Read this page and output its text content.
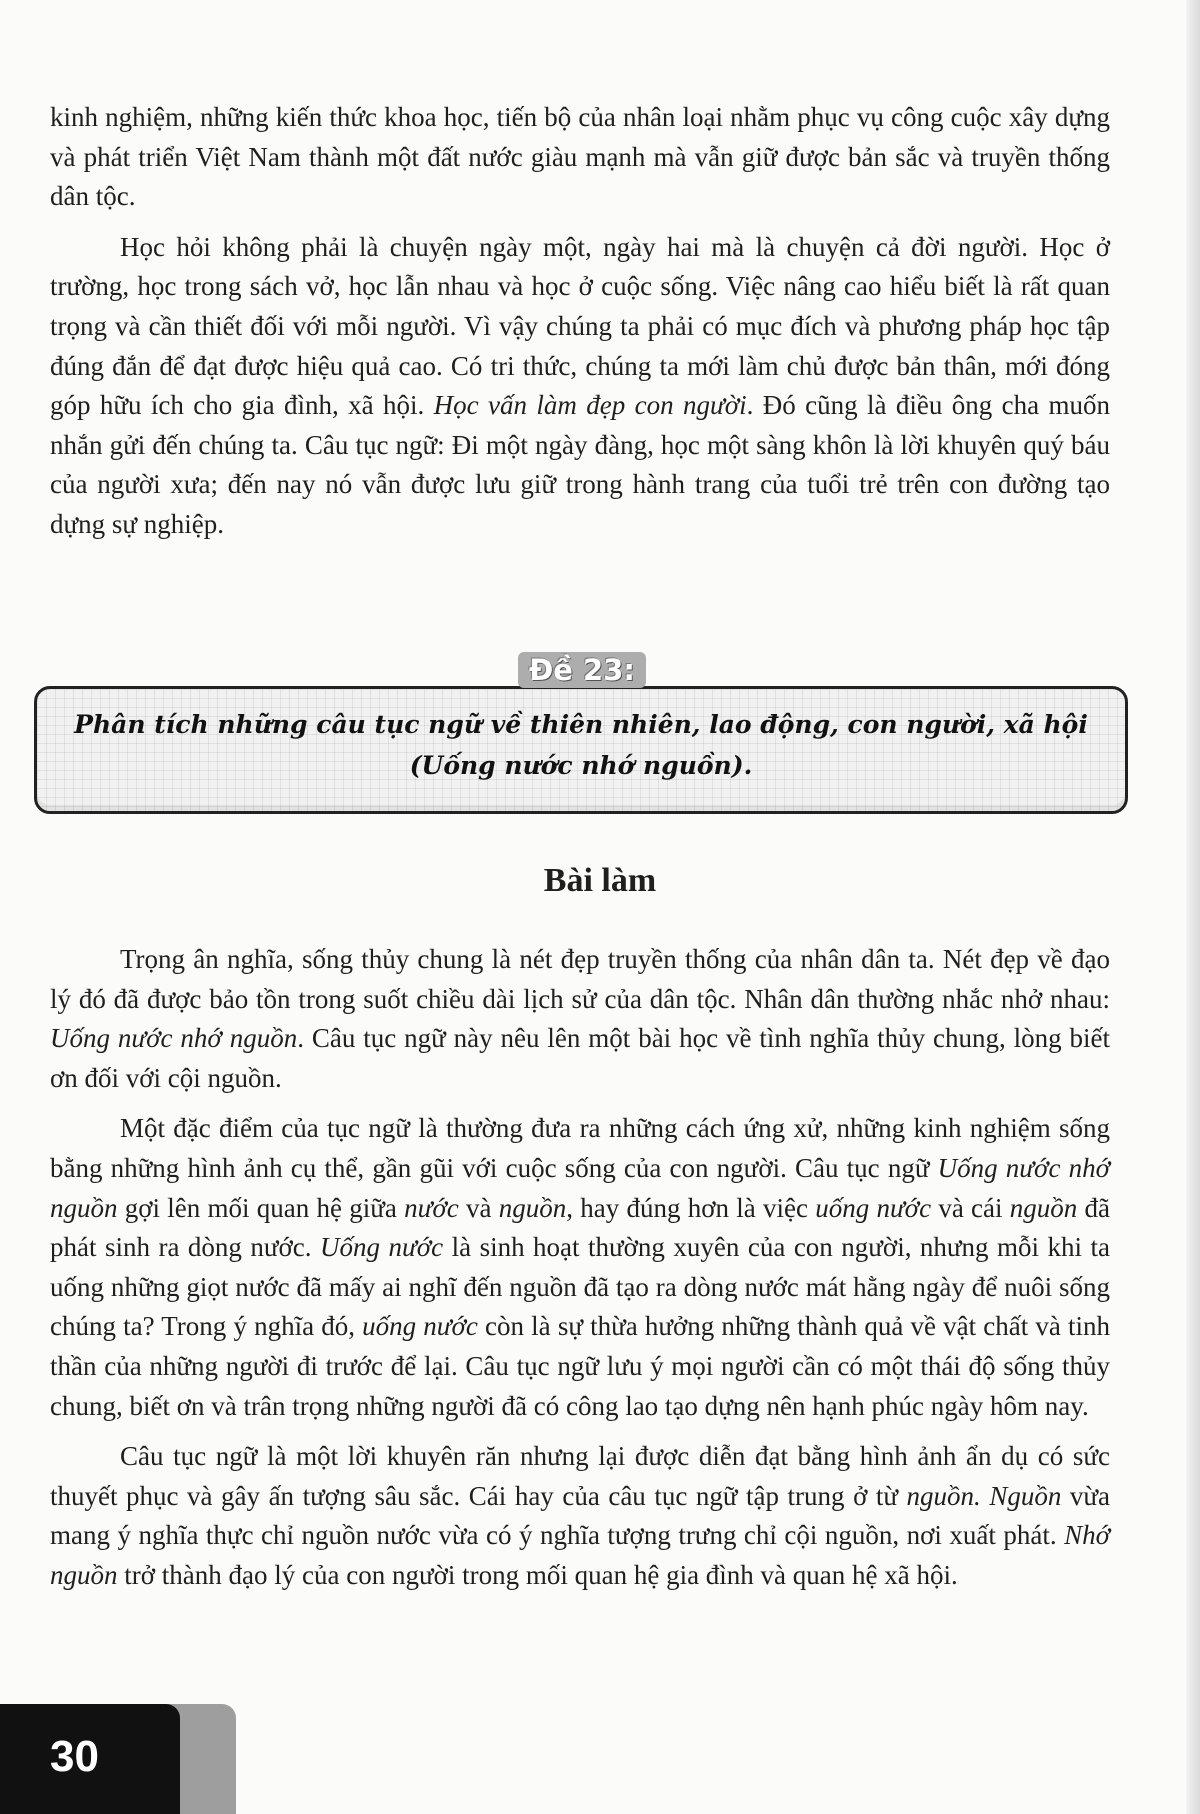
kinh nghiệm, những kiến thức khoa học, tiến bộ của nhân loại nhằm phục vụ công cuộc xây dựng và phát triển Việt Nam thành một đất nước giàu mạnh mà vẫn giữ được bản sắc và truyền thống dân tộc.

Học hỏi không phải là chuyện ngày một, ngày hai mà là chuyện cả đời người. Học ở trường, học trong sách vở, học lẫn nhau và học ở cuộc sống. Việc nâng cao hiểu biết là rất quan trọng và cần thiết đối với mỗi người. Vì vậy chúng ta phải có mục đích và phương pháp học tập đúng đắn để đạt được hiệu quả cao. Có tri thức, chúng ta mới làm chủ được bản thân, mới đóng góp hữu ích cho gia đình, xã hội. Học vấn làm đẹp con người. Đó cũng là điều ông cha muốn nhắn gửi đến chúng ta. Câu tục ngữ: Đi một ngày đàng, học một sàng khôn là lời khuyên quý báu của người xưa; đến nay nó vẫn được lưu giữ trong hành trang của tuổi trẻ trên con đường tạo dựng sự nghiệp.

Phân tích những câu tục ngữ về thiên nhiên, lao động, con người, xã hội
(Uống nước nhớ nguồn).
Đề 23:
Bài làm

Trọng ân nghĩa, sống thủy chung là nét đẹp truyền thống của nhân dân ta. Nét đẹp về đạo lý đó đã được bảo tồn trong suốt chiều dài lịch sử của dân tộc. Nhân dân thường nhắc nhở nhau: Uống nước nhớ nguồn. Câu tục ngữ này nêu lên một bài học về tình nghĩa thủy chung, lòng biết ơn đối với cội nguồn.

Một đặc điểm của tục ngữ là thường đưa ra những cách ứng xử, những kinh nghiệm sống bằng những hình ảnh cụ thể, gần gũi với cuộc sống của con người. Câu tục ngữ Uống nước nhớ nguồn gợi lên mối quan hệ giữa nước và nguồn, hay đúng hơn là việc uống nước và cái nguồn đã phát sinh ra dòng nước. Uống nước là sinh hoạt thường xuyên của con người, nhưng mỗi khi ta uống những giọt nước đã mấy ai nghĩ đến nguồn đã tạo ra dòng nước mát hằng ngày để nuôi sống chúng ta? Trong ý nghĩa đó, uống nước còn là sự thừa hưởng những thành quả về vật chất và tinh thần của những người đi trước để lại. Câu tục ngữ lưu ý mọi người cần có một thái độ sống thủy chung, biết ơn và trân trọng những người đã có công lao tạo dựng nên hạnh phúc ngày hôm nay.

Câu tục ngữ là một lời khuyên răn nhưng lại được diễn đạt bằng hình ảnh ẩn dụ có sức thuyết phục và gây ấn tượng sâu sắc. Cái hay của câu tục ngữ tập trung ở từ nguồn. Nguồn vừa mang ý nghĩa thực chỉ nguồn nước vừa có ý nghĩa tượng trưng chỉ cội nguồn, nơi xuất phát. Nhớ nguồn trở thành đạo lý của con người trong mối quan hệ gia đình và quan hệ xã hội.

30
